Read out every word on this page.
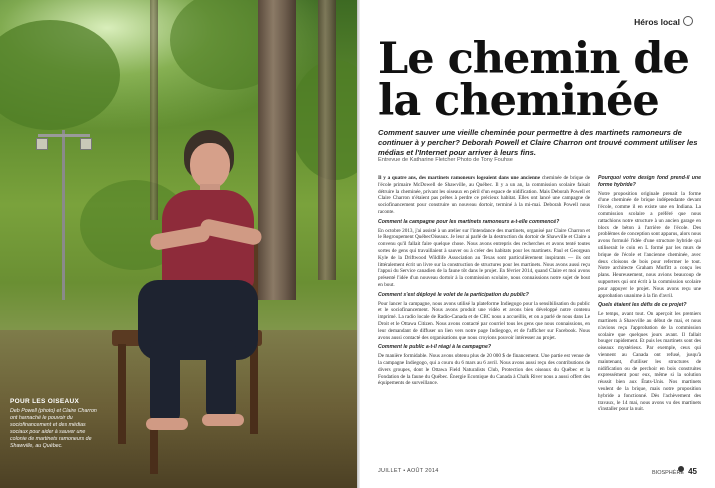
POUR LES OISEAUX
Deb Powell (photo) et Claire Charron ont harnaché le pouvoir du sociofinancement et des médias sociaux pour aider à sauver une colonie de martinets ramoneurs de Shawville, au Québec.
Héros local
Le chemin de la cheminée

Comment sauver une vieille cheminée pour permettre à des martinets ramoneurs de continuer à y percher? Deborah Powell et Claire Charron ont trouvé comment utiliser les médias et l'Internet pour arriver à leurs fins.

Entrevue de Katharine Fletcher Photo de Tony Fouhse

Il y a quatre ans, des martinets ramoneurs logeaient dans une ancienne cheminée de brique de l'école primaire McDowell de Shawville, au Québec. Il y a un an, la commission scolaire faisait détruire la cheminée, privant les oiseaux en péril d'un espace de nidification. Mais Deborah Powell et Claire Charron n'étaient pas prêtes à perdre ce précieux habitat. Elles ont lancé une campagne de sociofinancement pour construire un nouveau dortoir, terminé à la mi-mai. Deborah Powell nous raconte.

Comment la campagne pour les martinets ramoneurs a-t-elle commencé?

En octobre 2013, j'ai assisté à un atelier sur l'intendance des martinets, organisé par Claire Charron et le Regroupement QuébecOiseaux. Je leur ai parlé de la destruction du dortoir de Shawville et Claire a convenu qu'il fallait faire quelque chose. Nous avons entrepris des recherches et avons tenté toutes sortes de gens qui travaillaient à sauver ou à créer des habitats pour les martinets. Paul et Georgean Kyle de la Driftwood Wildlife Association au Texas sont particulièrement inspirants — ils ont littéralement écrit un livre sur la construction de structures pour les martinets. Nous avons aussi reçu l'appui du Service canadien de la faune tôt dans le projet. En février 2014, quand Claire et moi avons présenté l'idée d'un nouveau dortoir à la commission scolaire, nous connaissions notre sujet de bout en bout.

Comment s'est déployé le volet de la participation du public?

Pour lancer la campagne, nous avons utilisé la plateforme Indiegogo pour la sensibilisation du public et le sociofinancement. Nous avons produit une vidéo et avons bien développé notre contenu imprimé. La radio locale de Radio-Canada et de CBC nous a accueillis, et on a parlé de nous dans Le Droit et le Ottawa Citizen. Nous avons contacté par courriel tous les gens que nous connaissions, en leur demandant de diffuser un lien vers notre page Indiegogo, et de l'afficher sur Facebook. Nous avons aussi contacté des organisations que nous croyions pouvoir intéresser au projet.

Comment le public a-t-il réagi à la campagne?

De manière formidable. Nous avons obtenu plus de 20 000 $ de financement. Une partie est venue de la campagne Indiegogo, qui a couru du 6 mars au 6 avril. Nous avons aussi reçu des contributions de divers groupes, dont le Ottawa Field Naturalists Club, Protection des oiseaux du Québec et la Fondation de la faune du Québec. Énergie Ecomique du Canada à Chalk River nous a aussi offert des équipements de surveillance.

Pourquoi votre design fond prend-il une forme hybride?

Notre proposition originale prenait la forme d'une cheminée de brique indépendante devant l'école, comme il en existe une en Indiana. La commission scolaire a préféré que nous rattachions notre structure à un ancien garage en blocs de béton à l'arrière de l'école. Des problèmes de conception sont apparus, alors nous avons formulé l'idée d'une structure hybride qui utiliserait le coin en L formé par les murs de brique de l'école et l'ancienne cheminée, avec deux cloisons de bois pour refermer le tout. Notre architecte Graham Murfitt a conçu les plans. Heureusement, nous avions beaucoup de supporters qui ont écrit à la commission scolaire pour appuyer le projet. Nous avons reçu une approbation unanime à la fin d'avril.

Quels étaient les défis de ce projet?

Le temps, avant tout. On aperçoit les premiers martinets à Shawville au début de mai, et nous n'avions reçu l'approbation de la commission scolaire que quelques jours avant. Il fallait bouger rapidement. Et puis les martinets sont des oiseaux mystérieux. Par exemple, ceux qui viennent au Canada ont refusé, jusqu'à maintenant, d'utiliser les structures de nidification ou de perchoir en bois construites expressément pour eux, même si la solution réussit bien aux États-Unis. Nos martinets veulent de la brique, mais notre proposition hybride a fonctionné. Dès l'achèvement des travaux, le 14 mai, nous avons vu des martinets s'installer pour la nuit.

JUILLET • AOÛT 2014	BIOSPHÈRE 45
